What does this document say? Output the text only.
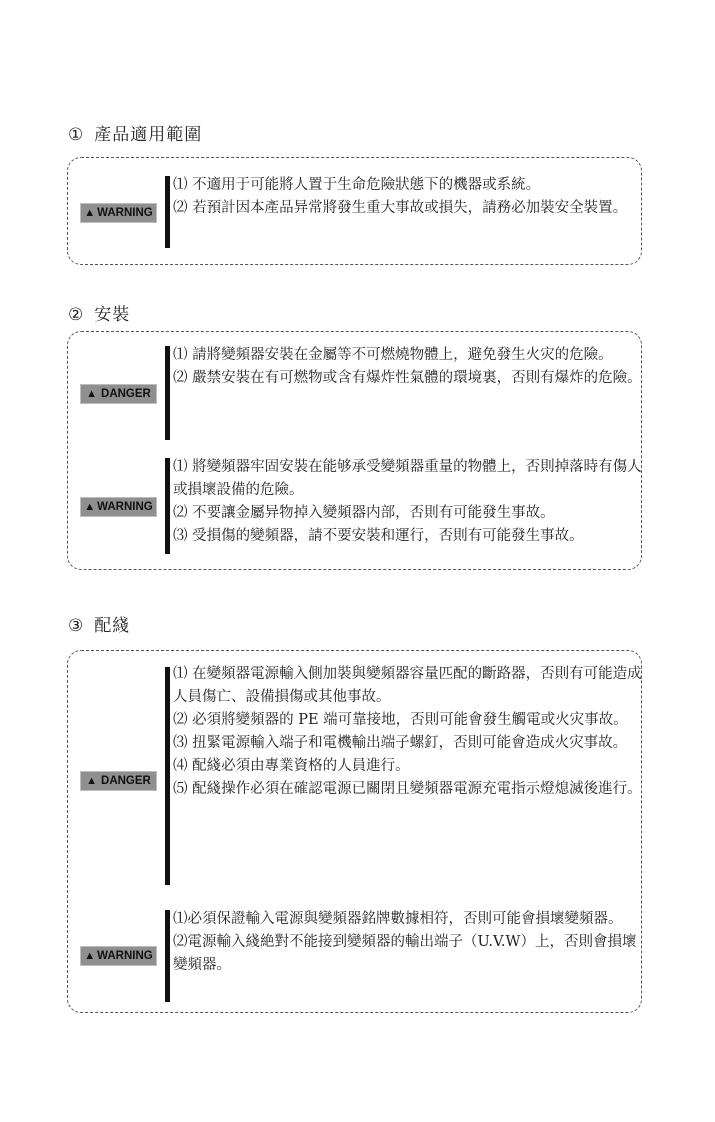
① 產品適用範圍
▲ WARNING
⑴ 不適用于可能將人置于生命危險狀態下的機器或系統。
⑵ 若預計因本產品异常將發生重大事故或損失，請務必加裝安全裝置。
② 安裝
▲ DANGER
⑴ 請將變頻器安裝在金屬等不可燃燒物體上，避免發生火灾的危險。
⑵ 嚴禁安裝在有可燃物或含有爆炸性氣體的環境裏，否則有爆炸的危險。
▲ WARNING
⑴ 將變頻器牢固安裝在能够承受變頻器重量的物體上，否則掉落時有傷人或損壞設備的危險。
⑵ 不要讓金屬异物掉入變頻器内部，否則有可能發生事故。
⑶ 受損傷的變頻器，請不要安裝和運行，否則有可能發生事故。
③ 配綫
▲ DANGER
⑴ 在變頻器電源輸入側加裝與變頻器容量匹配的斷路器，否則有可能造成人員傷亡、設備損傷或其他事故。
⑵ 必須將變頻器的 PE 端可靠接地，否則可能會發生觸電或火灾事故。
⑶ 扭緊電源輸入端子和電機輸出端子螺釘，否則可能會造成火灾事故。
⑷ 配綫必須由專業資格的人員進行。
⑸ 配綫操作必須在確認電源已關閉且變頻器電源充電指示燈熄滅後進行。
▲ WARNING
⑴必須保證輸入電源與變頻器銘牌數據相符，否則可能會損壞變頻器。
⑵電源輸入綫絶對不能接到變頻器的輸出端子（U.V.W）上，否則會損壞變頻器。
